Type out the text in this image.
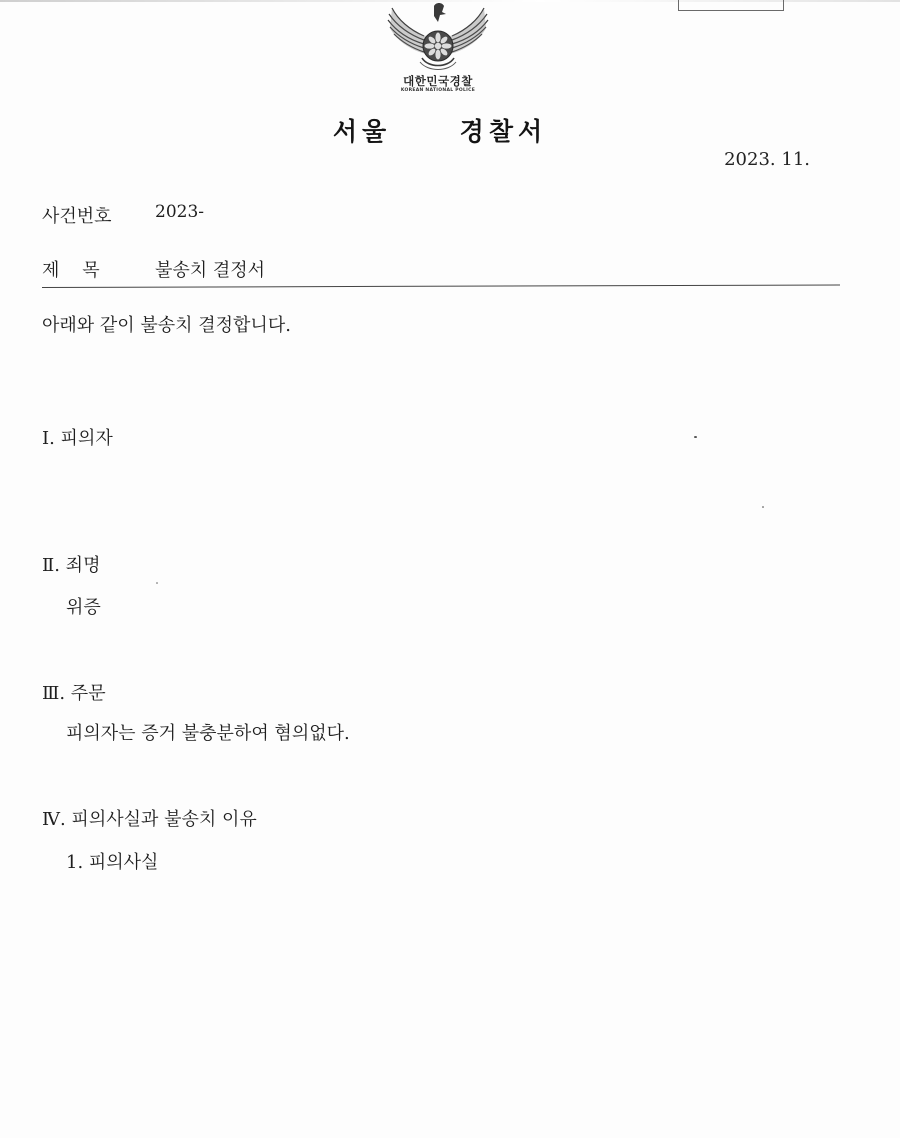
대한민국경찰
KOREAN NATIONAL POLICE
서울     경찰서
2023. 11.
사건번호	2023-
제    목	불송치 결정서
아래와 같이 불송치 결정합니다.
Ⅰ. 피의자
Ⅱ. 죄명
위증
Ⅲ. 주문
피의자는 증거 불충분하여 혐의없다.
Ⅳ. 피의사실과 불송치 이유
1. 피의사실
